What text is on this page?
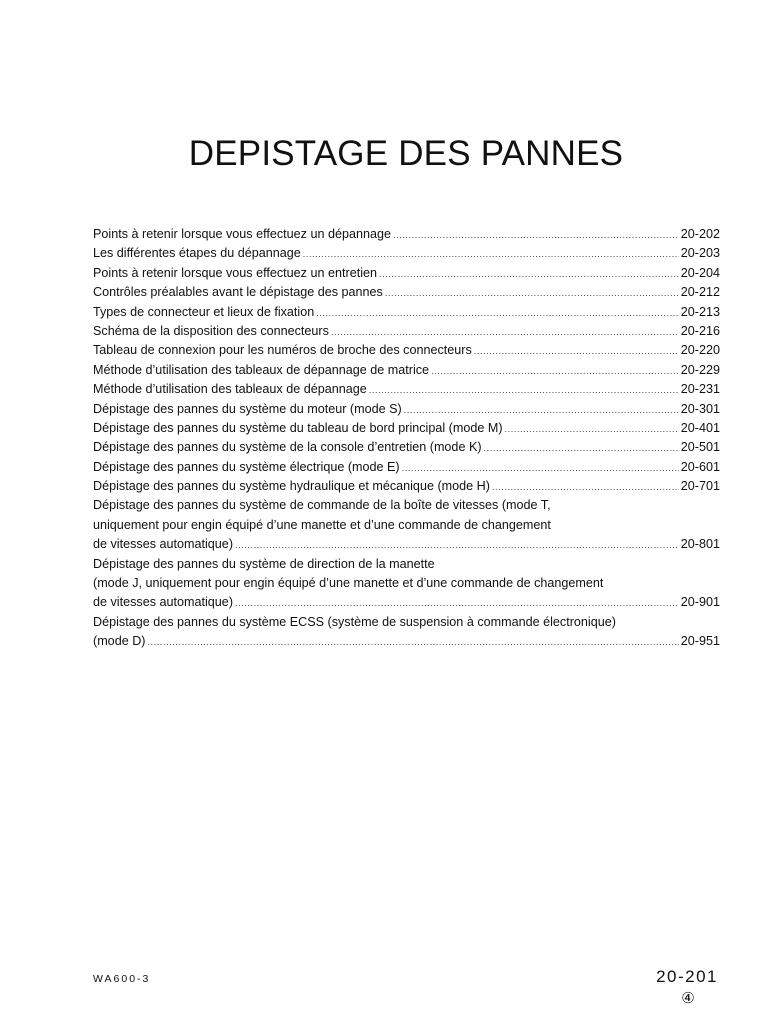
DEPISTAGE DES PANNES
Points à retenir lorsque vous effectuez un dépannage .....	20-202
Les différentes étapes du dépannage .....	20-203
Points à retenir lorsque vous effectuez un entretien .....	20-204
Contrôles préalables avant le dépistage des pannes .....	20-212
Types de connecteur et lieux de fixation .....	20-213
Schéma de la disposition des connecteurs .....	20-216
Tableau de connexion pour les numéros de broche des connecteurs .....	20-220
Méthode d’utilisation des tableaux de dépannage de matrice .....	20-229
Méthode d’utilisation des tableaux de dépannage .....	20-231
Dépistage des pannes du système du moteur (mode S) .....	20-301
Dépistage des pannes du système du tableau de bord principal (mode M) .....	20-401
Dépistage des pannes du système de la console d’entretien (mode K) .....	20-501
Dépistage des pannes du système électrique (mode E) .....	20-601
Dépistage des pannes du système hydraulique et mécanique (mode H) .....	20-701
Dépistage des pannes du système de commande de la boîte de vitesses (mode T,
uniquement pour engin équipé d’une manette et d’une commande de changement
de vitesses automatique) .....	20-801
Dépistage des pannes du système de direction de la manette
(mode J, uniquement pour engin équipé d’une manette et d’une commande de changement
de vitesses automatique) .....	20-901
Dépistage des pannes du système ECSS (système de suspension à commande électronique)
(mode D) .....	20-951
WA600-3	20-201
④
